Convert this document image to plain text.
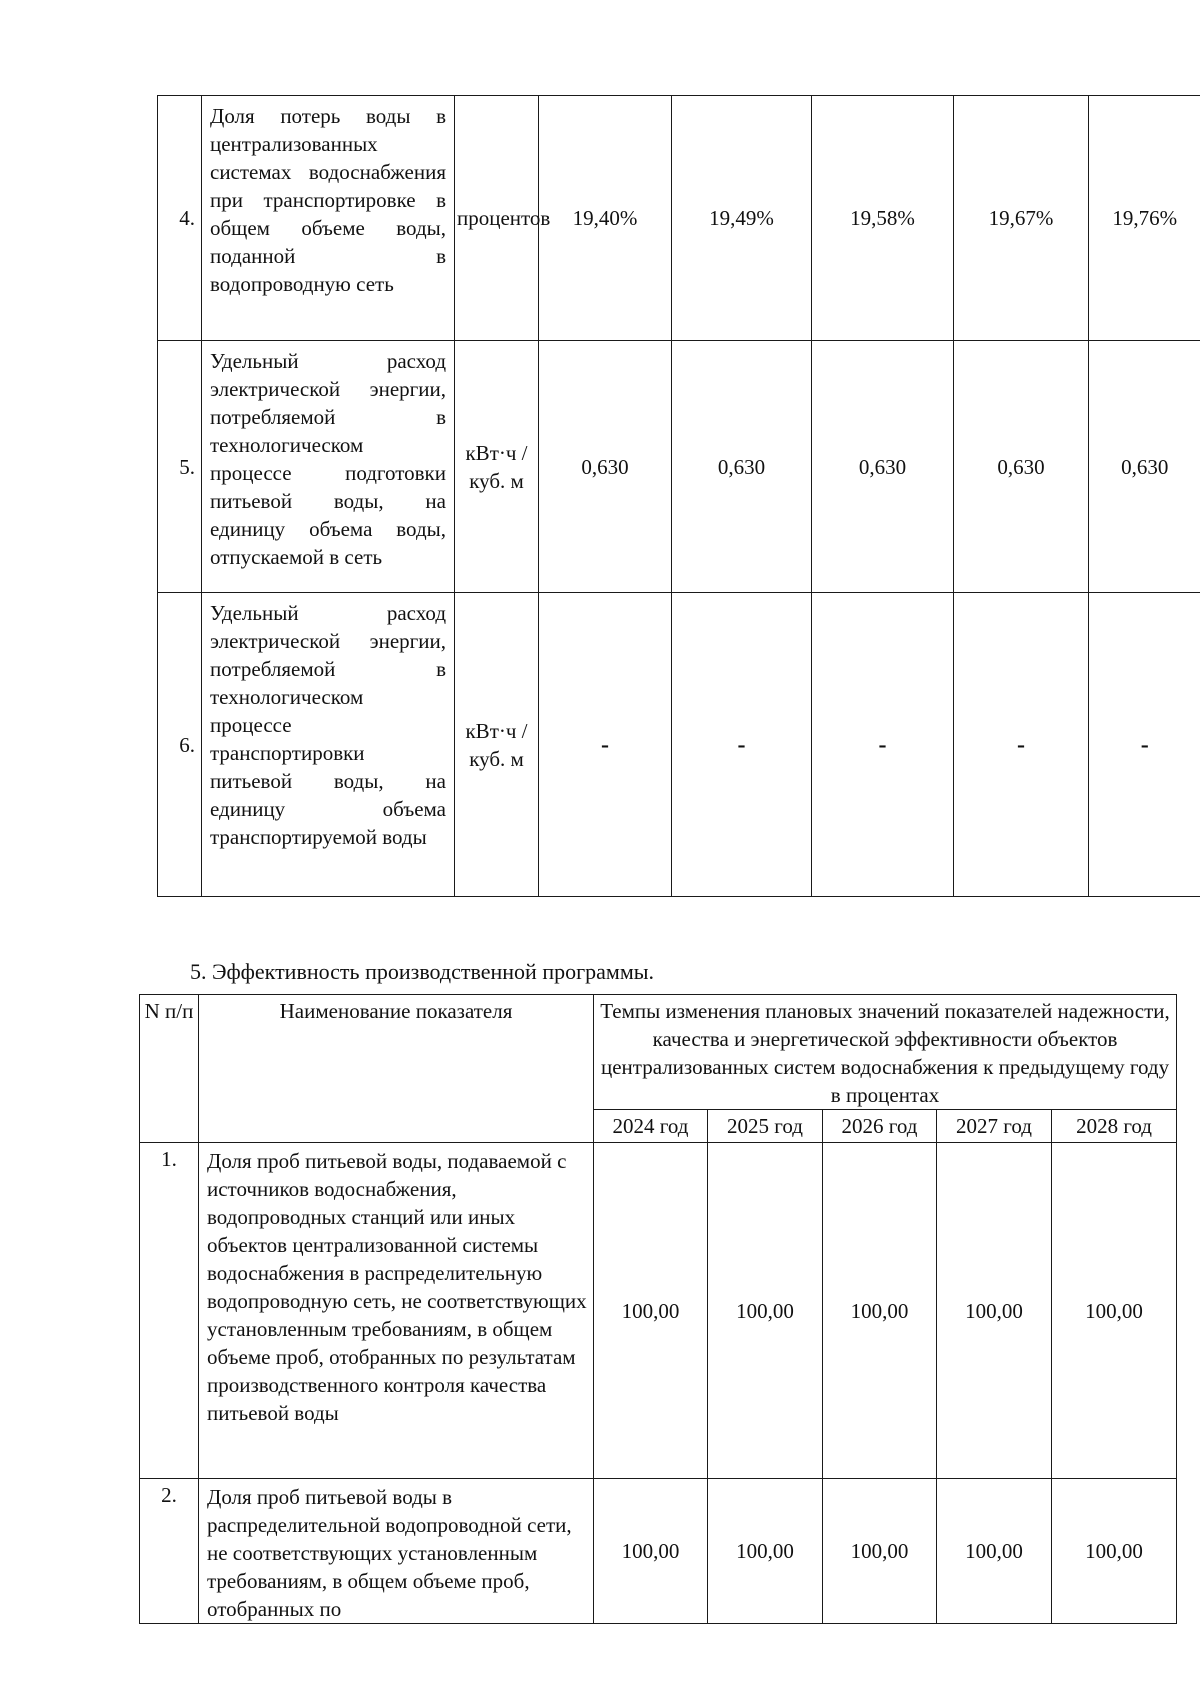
4.	Доля потерь воды в централизованных системах водоснабжения при транспортировке в общем объеме воды, поданной в водопроводную сеть	процентов	19,40%	19,49%	19,58%	19,67%	19,76%
5.	Удельный расход электрической энергии, потребляемой в технологическом процессе подготовки питьевой воды, на единицу объема воды, отпускаемой в сеть	кВт·ч / куб. м	0,630	0,630	0,630	0,630	0,630
6.	Удельный расход электрической энергии, потребляемой в технологическом процессе транспортировки питьевой воды, на единицу объема транспортируемой воды	кВт·ч / куб. м	-	-	-	-	-

5. Эффективность производственной программы.

N п/п	Наименование показателя	Темпы изменения плановых значений показателей надежности, качества и энергетической эффективности объектов централизованных систем водоснабжения к предыдущему году в процентах				
		2024 год	2025 год	2026 год	2027 год	2028 год
1.	Доля проб питьевой воды, подаваемой с источников водоснабжения, водопроводных станций или иных объектов централизованной системы водоснабжения в распределительную водопроводную сеть, не соответствующих установленным требованиям, в общем объеме проб, отобранных по результатам производственного контроля качества питьевой воды	100,00	100,00	100,00	100,00	100,00
2.	Доля проб питьевой воды в распределительной водопроводной сети, не соответствующих установленным требованиям, в общем объеме проб, отобранных по	100,00	100,00	100,00	100,00	100,00
